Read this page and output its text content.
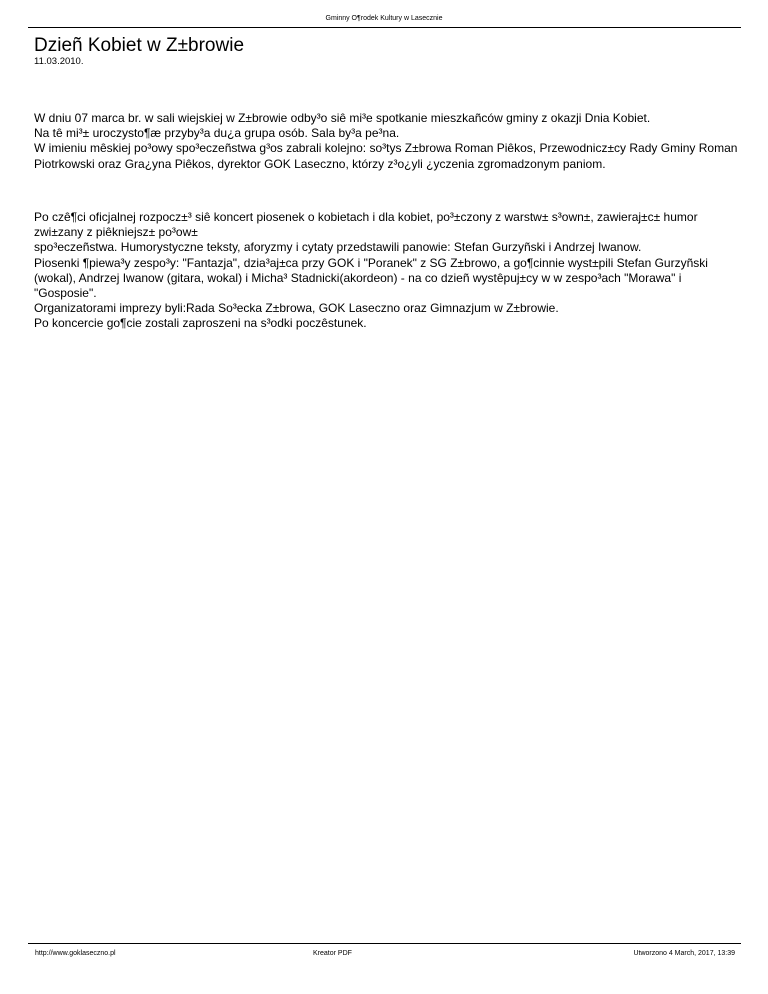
Gminny O¶rodek Kultury w Lasecznie
Dzieñ Kobiet w Z±browie
11.03.2010.

W dniu 07 marca br. w sali wiejskiej w Z±browie odby³o siê mi³e spotkanie mieszkañców gminy z okazji Dnia Kobiet.

Na tê mi³± uroczysto¶æ przyby³a du¿a grupa osób. Sala by³a pe³na.

W imieniu mêskiej po³owy spo³eczeñstwa g³os zabrali kolejno: so³tys Z±browa Roman Piêkos, Przewodnicz±cy Rady Gminy Roman Piotrkowski oraz Gra¿yna Piêkos, dyrektor GOK Laseczno, którzy z³o¿yli ¿yczenia zgromadzonym paniom.

Po czê¶ci oficjalnej rozpocz±³ siê koncert piosenek o kobietach i dla kobiet, po³±czony z warstw± s³own±, zawieraj±c± humor zwi±zany z piêkniejsz± po³ow±

spo³eczeñstwa. Humorystyczne teksty, aforyzmy i cytaty przedstawili panowie: Stefan Gurzyñski i Andrzej Iwanow.

Piosenki ¶piewa³y zespo³y: "Fantazja", dzia³aj±ca przy GOK i "Poranek" z SG Z±browo, a go¶cinnie wyst±pili Stefan Gurzyñski (wokal), Andrzej Iwanow (gitara, wokal) i Micha³ Stadnicki(akordeon) - na co dzieñ wystêpuj±cy w w zespo³ach "Morawa" i "Gosposie".

Organizatorami imprezy byli:Rada So³ecka Z±browa, GOK Laseczno oraz Gimnazjum w Z±browie.

Po koncercie go¶cie zostali zaproszeni na s³odki poczêstunek.

http://www.goklaseczno.pl	Kreator PDF	Utworzono 4 March, 2017, 13:39
